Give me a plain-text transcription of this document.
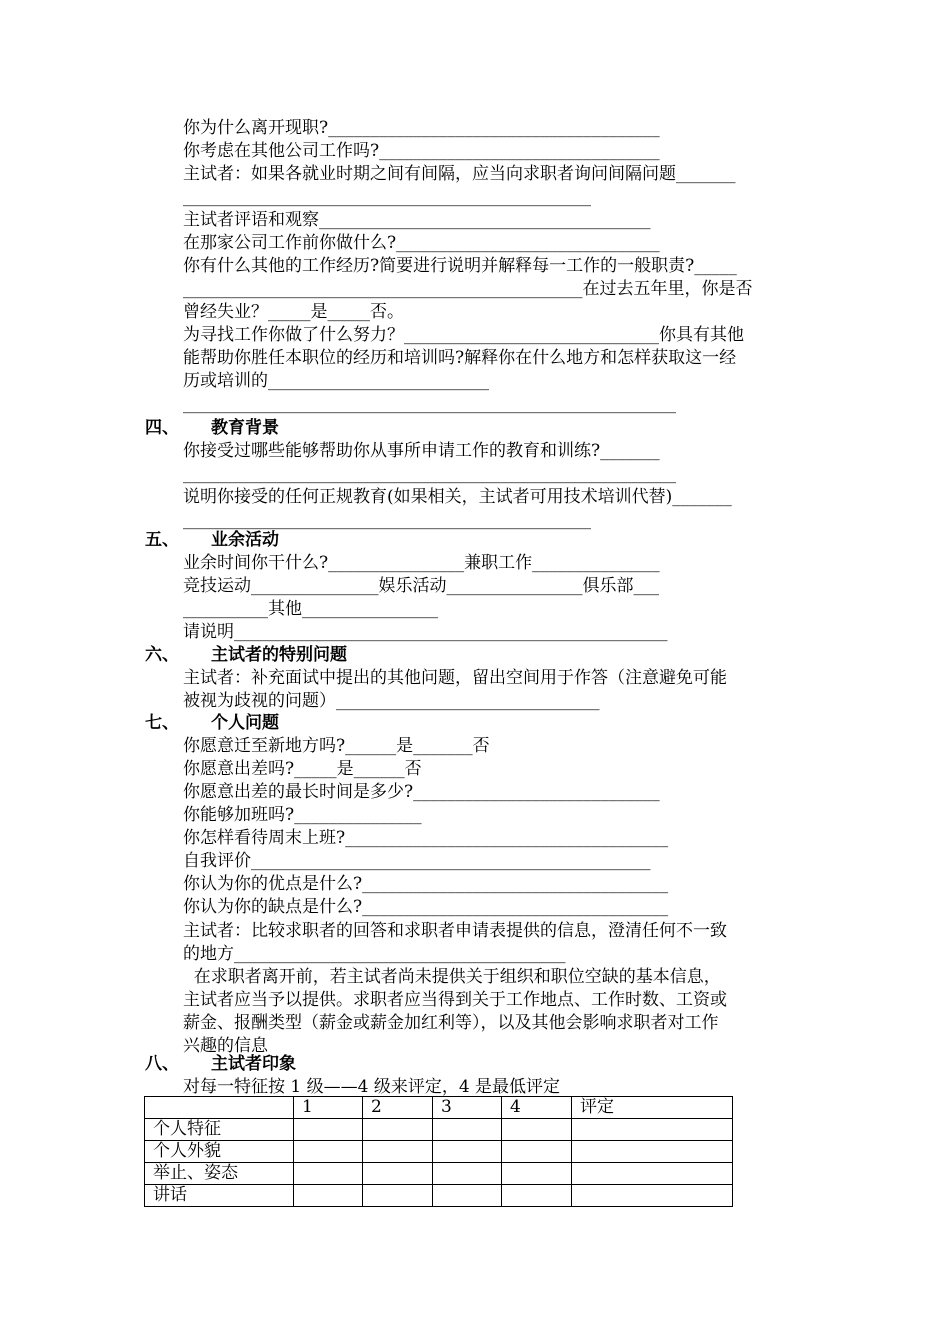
你为什么离开现职?_______________________________________
你考虑在其他公司工作吗?_________________________________
主试者：如果各就业时期之间有间隔，应当向求职者询问间隔问题_______
________________________________________________
主试者评语和观察_______________________________________
在那家公司工作前你做什么?_______________________________
你有什么其他的工作经历?简要进行说明并解释每一工作的一般职责?_____
_______________________________________________在过去五年里，你是否
曾经失业？_____是_____否。
为寻找工作你做了什么努力？______________________________你具有其他
能帮助你胜任本职位的经历和培训吗?解释你在什么地方和怎样获取这一经
历或培训的__________________________
__________________________________________________________
你接受过哪些能够帮助你从事所申请工作的教育和训练?_______
__________________________________________________________
说明你接受的任何正规教育(如果相关，主试者可用技术培训代替)_______
________________________________________________
业余时间你干什么?________________兼职工作_______________
竞技运动_______________娱乐活动________________俱乐部___
__________其他________________
请说明___________________________________________________
主试者：补充面试中提出的其他问题，留出空间用于作答（注意避免可能
被视为歧视的问题）_______________________________
你愿意迁至新地方吗?______是_______否
你愿意出差吗?_____是______否
你愿意出差的最长时间是多少?_____________________________
你能够加班吗?_______________
你怎样看待周末上班?______________________________________
自我评价_______________________________________________
你认为你的优点是什么?____________________________________
你认为你的缺点是什么?____________________________________
主试者：比较求职者的回答和求职者申请表提供的信息，澄清任何不一致
的地方_______________________________________
在求职者离开前，若主试者尚未提供关于组织和职位空缺的基本信息，
主试者应当予以提供。求职者应当得到关于工作地点、工作时数、工资或
薪金、报酬类型（薪金或薪金加红利等），以及其他会影响求职者对工作
兴趣的信息
对每一特征按 1 级——4 级来评定，4 是最低评定
四、 教育背景
五、 业余活动
六、 主试者的特别问题
七、 个人问题
八、 主试者印象
	1	2	3	4	评定
个人特征					
个人外貌					
举止、姿态					
讲话					
